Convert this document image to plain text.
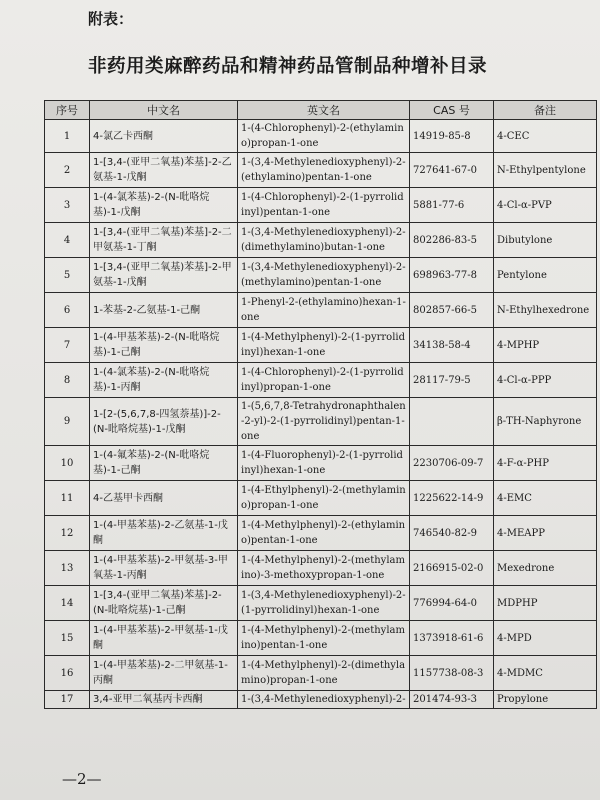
附表：
非药用类麻醉药品和精神药品管制品种增补目录
序号	中文名	英文名	CAS 号	备注
1	4-氯乙卡西酮	1-(4-Chlorophenyl)-2-(ethylamino)propan-1-one	14919-85-8	4-CEC
2	1-[3,4-(亚甲二氧基)苯基]-2-乙氨基-1-戊酮	1-(3,4-Methylenedioxyphenyl)-2-(ethylamino)pentan-1-one	727641-67-0	N-Ethylpentylone
3	1-(4-氯苯基)-2-(N-吡咯烷基)-1-戊酮	1-(4-Chlorophenyl)-2-(1-pyrrolidinyl)pentan-1-one	5881-77-6	4-Cl-α-PVP
4	1-[3,4-(亚甲二氧基)苯基]-2-二甲氨基-1-丁酮	1-(3,4-Methylenedioxyphenyl)-2-(dimethylamino)butan-1-one	802286-83-5	Dibutylone
5	1-[3,4-(亚甲二氧基)苯基]-2-甲氨基-1-戊酮	1-(3,4-Methylenedioxyphenyl)-2-(methylamino)pentan-1-one	698963-77-8	Pentylone
6	1-苯基-2-乙氨基-1-己酮	1-Phenyl-2-(ethylamino)hexan-1-one	802857-66-5	N-Ethylhexedrone
7	1-(4-甲基苯基)-2-(N-吡咯烷基)-1-己酮	1-(4-Methylphenyl)-2-(1-pyrrolidinyl)hexan-1-one	34138-58-4	4-MPHP
8	1-(4-氯苯基)-2-(N-吡咯烷基)-1-丙酮	1-(4-Chlorophenyl)-2-(1-pyrrolidinyl)propan-1-one	28117-79-5	4-Cl-α-PPP
9	1-[2-(5,6,7,8-四氢萘基)]-2-(N-吡咯烷基)-1-戊酮	1-(5,6,7,8-Tetrahydronaphthalen-2-yl)-2-(1-pyrrolidinyl)pentan-1-one		β-TH-Naphyrone
10	1-(4-氟苯基)-2-(N-吡咯烷基)-1-己酮	1-(4-Fluorophenyl)-2-(1-pyrrolidinyl)hexan-1-one	2230706-09-7	4-F-α-PHP
11	4-乙基甲卡西酮	1-(4-Ethylphenyl)-2-(methylamino)propan-1-one	1225622-14-9	4-EMC
12	1-(4-甲基苯基)-2-乙氨基-1-戊酮	1-(4-Methylphenyl)-2-(ethylamino)pentan-1-one	746540-82-9	4-MEAPP
13	1-(4-甲基苯基)-2-甲氨基-3-甲氧基-1-丙酮	1-(4-Methylphenyl)-2-(methylamino)-3-methoxypropan-1-one	2166915-02-0	Mexedrone
14	1-[3,4-(亚甲二氧基)苯基]-2-(N-吡咯烷基)-1-己酮	1-(3,4-Methylenedioxyphenyl)-2-(1-pyrrolidinyl)hexan-1-one	776994-64-0	MDPHP
15	1-(4-甲基苯基)-2-甲氨基-1-戊酮	1-(4-Methylphenyl)-2-(methylamino)pentan-1-one	1373918-61-6	4-MPD
16	1-(4-甲基苯基)-2-二甲氨基-1-丙酮	1-(4-Methylphenyl)-2-(dimethylamino)propan-1-one	1157738-08-3	4-MDMC
17	3,4-亚甲二氧基丙卡西酮	1-(3,4-Methylenedioxyphenyl)-2-	201474-93-3	Propylone
—2—
